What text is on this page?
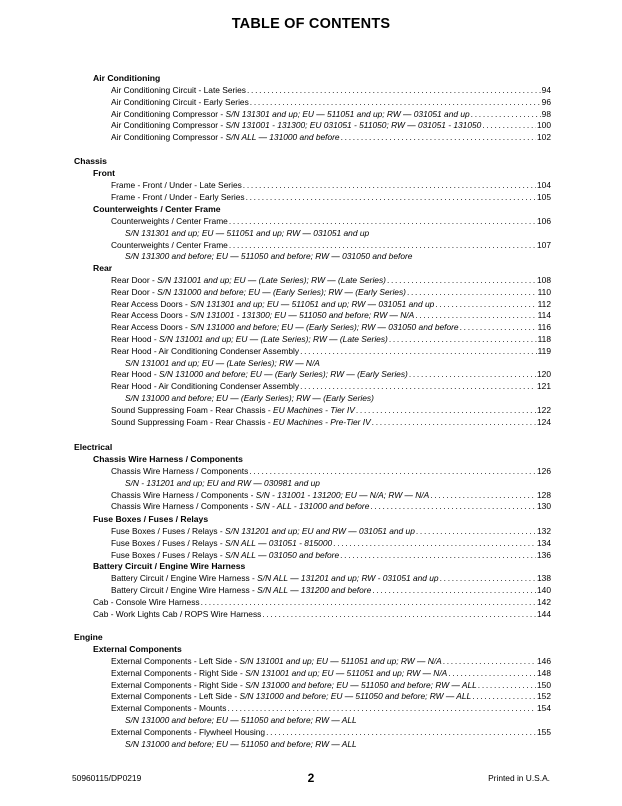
TABLE OF CONTENTS
Air Conditioning
Air Conditioning Circuit - Late Series . . .	94
Air Conditioning Circuit - Early Series . . .	96
Air Conditioning Compressor - S/N 131301 and up; EU — 511051 and up; RW — 031051 and up . . .	98
Air Conditioning Compressor - S/N 131001 - 131300; EU 031051 - 511050; RW — 031051 - 131050 . . .	100
Air Conditioning Compressor - S/N ALL — 131000 and before . . .	102
Chassis
Front
Frame - Front / Under - Late Series . . .	104
Frame - Front / Under - Early Series . . .	105
Counterweights / Center Frame
Counterweights / Center Frame . . .	106
S/N 131301 and up; EU — 511051 and up; RW — 031051 and up
Counterweights / Center Frame . . .	107
S/N 131300 and before; EU — 511050 and before; RW — 031050 and before
Rear
Rear Door - S/N 131001 and up; EU — (Late Series); RW — (Late Series) . . .	108
Rear Door - S/N 131000 and before; EU — (Early Series); RW — (Early Series) . . .	110
Rear Access Doors - S/N 131301 and up; EU — 511051 and up; RW — 031051 and up . . .	112
Rear Access Doors - S/N 131001 - 131300; EU — 511050 and before; RW — N/A . . .	114
Rear Access Doors - S/N 131000 and before; EU — (Early Series); RW — 031050 and before . . .	116
Rear Hood - S/N 131001 and up; EU — (Late Series); RW — (Late Series) . . .	118
Rear Hood - Air Conditioning Condenser Assembly . . .	119
S/N 131001 and up; EU — (Late Series); RW — N/A
Rear Hood - S/N 131000 and before; EU — (Early Series); RW — (Early Series) . . .	120
Rear Hood - Air Conditioning Condenser Assembly . . .	121
S/N 131000 and before; EU — (Early Series); RW — (Early Series)
Sound Suppressing Foam - Rear Chassis - EU Machines - Tier IV . . .	122
Sound Suppressing Foam - Rear Chassis - EU Machines - Pre-Tier IV . . .	124
Electrical
Chassis Wire Harness / Components
Chassis Wire Harness / Components . . .	126
S/N - 131201 and up; EU and RW — 030981 and up
Chassis Wire Harness / Components - S/N - 131001 - 131200; EU — N/A; RW — N/A . . .	128
Chassis Wire Harness / Components - S/N - ALL - 131000 and before . . .	130
Fuse Boxes / Fuses / Relays
Fuse Boxes / Fuses / Relays - S/N 131201 and up; EU and RW — 031051 and up . . .	132
Fuse Boxes / Fuses / Relays - S/N ALL — 031051 - 815000 . . .	134
Fuse Boxes / Fuses / Relays - S/N ALL — 031050 and before . . .	136
Battery Circuit / Engine Wire Harness
Battery Circuit / Engine Wire Harness - S/N ALL — 131201 and up; RW - 031051 and up . . .	138
Battery Circuit / Engine Wire Harness - S/N ALL — 131200 and before . . .	140
Cab - Console Wire Harness . . .	142
Cab - Work Lights Cab / ROPS Wire Harness . . .	144
Engine
External Components
External Components - Left Side - S/N 131001 and up; EU — 511051 and up; RW — N/A . . .	146
External Components - Right Side - S/N 131001 and up; EU — 511051 and up; RW — N/A . . .	148
External Components - Right Side - S/N 131000 and before; EU — 511050 and before; RW — ALL . . .	150
External Components - Left Side - S/N 131000 and before; EU — 511050 and before; RW — ALL . . .	152
External Components - Mounts . . .	154
S/N 131000 and before; EU — 511050 and before; RW — ALL
External Components - Flywheel Housing . . .	155
S/N 131000 and before; EU — 511050 and before; RW — ALL
50960115/DP0219	2	Printed in U.S.A.
